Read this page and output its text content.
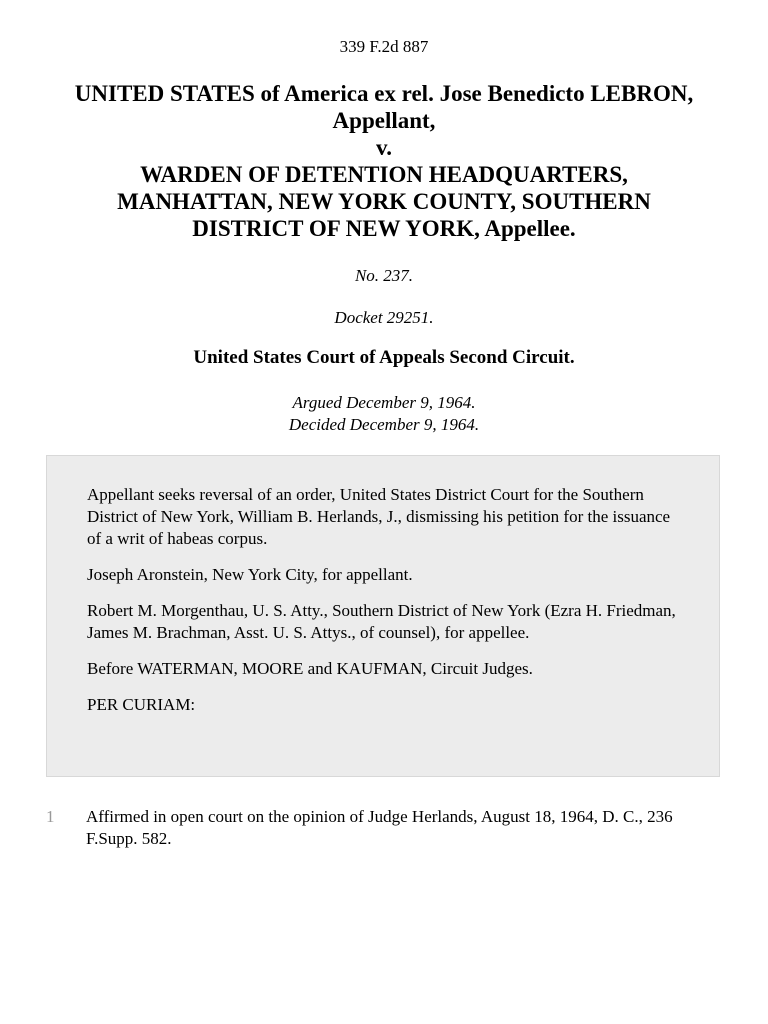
339 F.2d 887
UNITED STATES of America ex rel. Jose Benedicto LEBRON,
Appellant,
v.
WARDEN OF DETENTION HEADQUARTERS,
MANHATTAN, NEW YORK COUNTY, SOUTHERN
DISTRICT OF NEW YORK, Appellee.
No. 237.
Docket 29251.
United States Court of Appeals Second Circuit.
Argued December 9, 1964.
Decided December 9, 1964.

Appellant seeks reversal of an order, United States District Court for the Southern District of New York, William B. Herlands, J., dismissing his petition for the issuance of a writ of habeas corpus.

Joseph Aronstein, New York City, for appellant.

Robert M. Morgenthau, U. S. Atty., Southern District of New York (Ezra H. Friedman, James M. Brachman, Asst. U. S. Attys., of counsel), for appellee.

Before WATERMAN, MOORE and KAUFMAN, Circuit Judges.

PER CURIAM:

1 Affirmed in open court on the opinion of Judge Herlands, August 18, 1964, D. C., 236 F.Supp. 582.
